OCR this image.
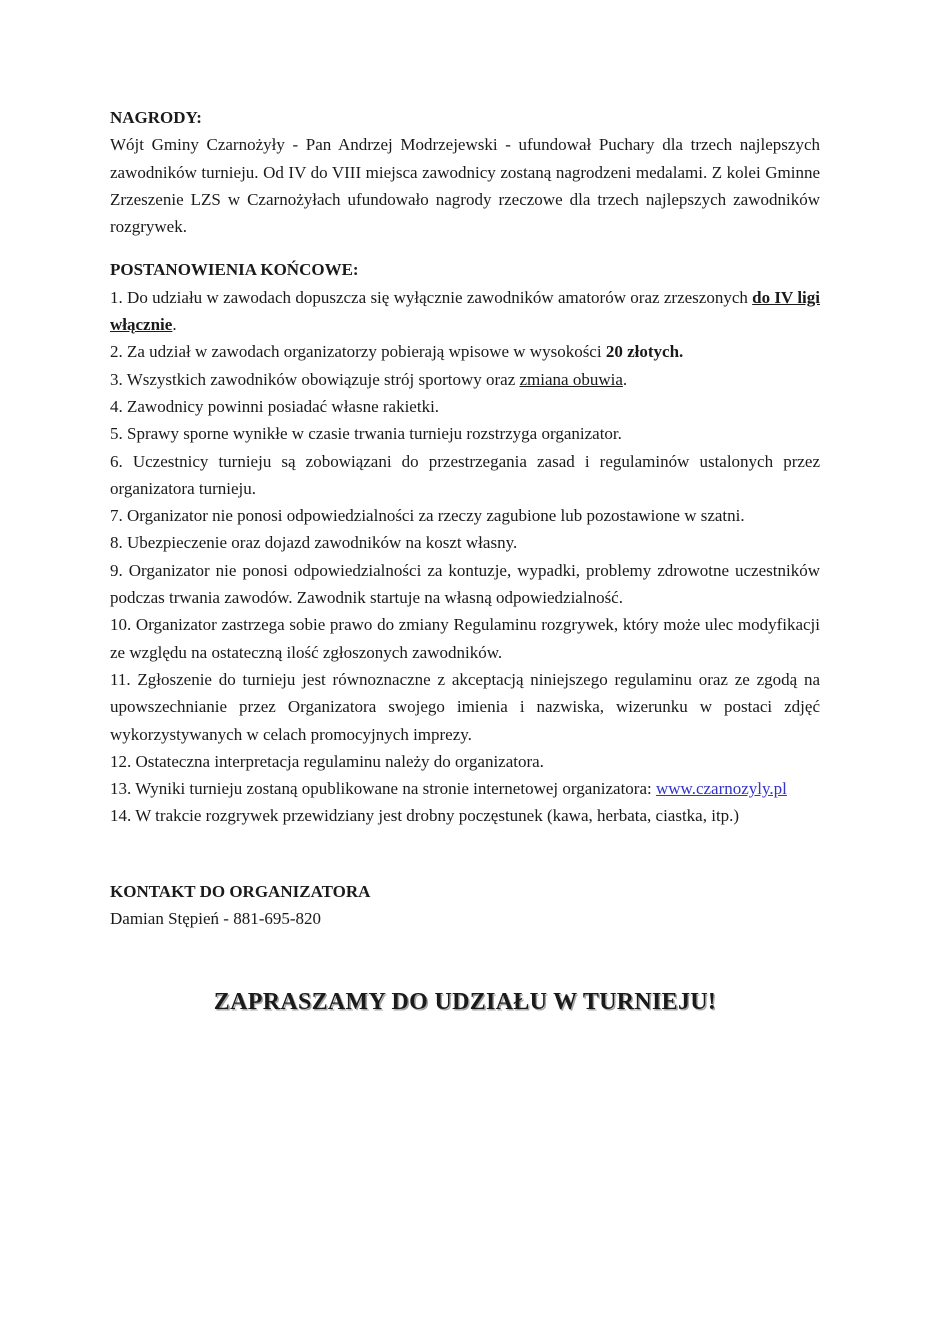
NAGRODY:

Wójt Gminy Czarnożyły - Pan Andrzej Modrzejewski - ufundował Puchary dla trzech najlepszych zawodników turnieju. Od IV do VIII miejsca zawodnicy zostaną nagrodzeni medalami. Z kolei Gminne Zrzeszenie LZS w Czarnożyłach ufundowało nagrody rzeczowe dla trzech najlepszych zawodników rozgrywek.

POSTANOWIENIA KOŃCOWE:

1. Do udziału w zawodach dopuszcza się wyłącznie zawodników amatorów oraz zrzeszonych do IV ligi włącznie.

2. Za udział w zawodach organizatorzy pobierają wpisowe w wysokości 20 złotych.

3. Wszystkich zawodników obowiązuje strój sportowy oraz zmiana obuwia.

4. Zawodnicy powinni posiadać własne rakietki.

5. Sprawy sporne wynikłe w czasie trwania turnieju rozstrzyga organizator.

6. Uczestnicy turnieju są zobowiązani do przestrzegania zasad i regulaminów ustalonych przez organizatora turnieju.

7. Organizator nie ponosi odpowiedzialności za rzeczy zagubione lub pozostawione w szatni.

8. Ubezpieczenie oraz dojazd zawodników na koszt własny.

9. Organizator nie ponosi odpowiedzialności za kontuzje, wypadki, problemy zdrowotne uczestników podczas trwania zawodów. Zawodnik startuje na własną odpowiedzialność.

10. Organizator zastrzega sobie prawo do zmiany Regulaminu rozgrywek, który może ulec modyfikacji ze względu na ostateczną ilość zgłoszonych zawodników.

11. Zgłoszenie do turnieju jest równoznaczne z akceptacją niniejszego regulaminu oraz ze zgodą na upowszechnianie przez Organizatora swojego imienia i nazwiska, wizerunku w postaci zdjęć wykorzystywanych w celach promocyjnych imprezy.

12. Ostateczna interpretacja regulaminu należy do organizatora.

13. Wyniki turnieju zostaną opublikowane na stronie internetowej organizatora: www.czarnozyly.pl

14. W trakcie rozgrywek przewidziany jest drobny poczęstunek (kawa, herbata, ciastka, itp.)

KONTAKT DO ORGANIZATORA

Damian Stępień - 881-695-820

ZAPRASZAMY DO UDZIAŁU W TURNIEJU!
